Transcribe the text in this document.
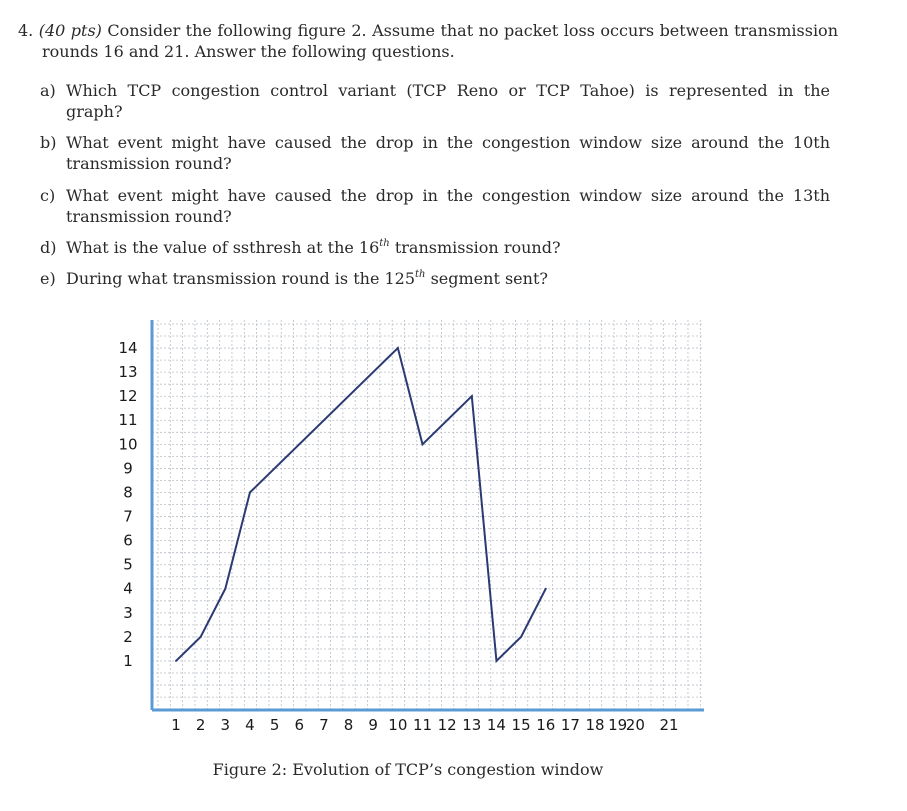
4. (40 pts) Consider the following figure 2. Assume that no packet loss occurs between transmission
rounds 16 and 21. Answer the following questions.
a) Which TCP congestion control variant (TCP Reno or TCP Tahoe) is represented in the
graph?
b) What event might have caused the drop in the congestion window size around the 10th
transmission round?
c) What event might have caused the drop in the congestion window size around the 13th
transmission round?
d) What is the value of ssthresh at the 16th transmission round?
e) During what transmission round is the 125th segment sent?
1
2
3
4
5
6
7
8
9
10
11
12
13
14
1 2 3 4 5 6 7 8 9 10 11 12 13 14 15 16 17 18 19
20 21
Figure 2: Evolution of TCP’s congestion window
